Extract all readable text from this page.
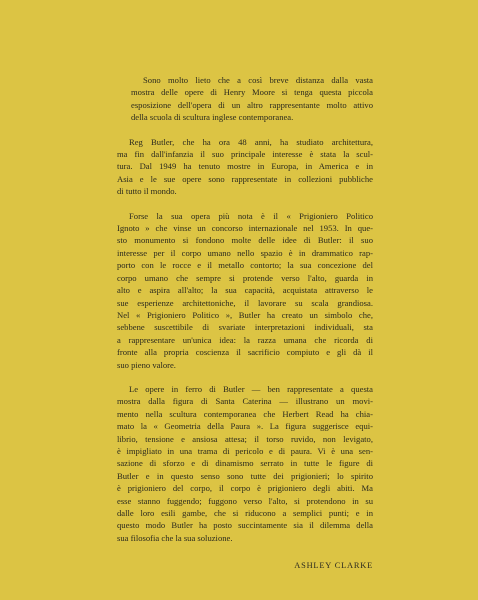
Sono molto lieto che a così breve distanza dalla vasta
mostra delle opere di Henry Moore si tenga questa piccola
esposizione dell'opera di un altro rappresentante molto attivo
della scuola di scultura inglese contemporanea.
Reg Butler, che ha ora 48 anni, ha studiato architettura,
ma fin dall'infanzia il suo principale interesse è stata la scul-
tura. Dal 1949 ha tenuto mostre in Europa, in America e in
Asia e le sue opere sono rappresentate in collezioni pubbliche
di tutto il mondo.
Forse la sua opera più nota è il « Prigioniero Politico
Ignoto » che vinse un concorso internazionale nel 1953. In que-
sto monumento si fondono molte delle idee di Butler: il suo
interesse per il corpo umano nello spazio è in drammatico rap-
porto con le rocce e il metallo contorto; la sua concezione del
corpo umano che sempre si protende verso l'alto, guarda in
alto e aspira all'alto; la sua capacità, acquistata attraverso le
sue esperienze architettoniche, il lavorare su scala grandiosa.
Nel « Prigioniero Politico », Butler ha creato un simbolo che,
sebbene suscettibile di svariate interpretazioni individuali, sta
a rappresentare un'unica idea: la razza umana che ricorda di
fronte alla propria coscienza il sacrificio compiuto e gli dà il
suo pieno valore.
Le opere in ferro di Butler — ben rappresentate a questa
mostra dalla figura di Santa Caterina — illustrano un movi-
mento nella scultura contemporanea che Herbert Read ha chia-
mato la « Geometria della Paura ». La figura suggerisce equi-
librio, tensione e ansiosa attesa; il torso ruvido, non levigato,
è impigliato in una trama di pericolo e di paura. Vi è una sen-
sazione di sforzo e di dinamismo serrato in tutte le figure di
Butler e in questo senso sono tutte dei prigionieri; lo spirito
è prigioniero del corpo, il corpo è prigioniero degli abiti. Ma
esse stanno fuggendo; fuggono verso l'alto, si protendono in su
dalle loro esili gambe, che si riducono a semplici punti; e in
questo modo Butler ha posto succintamente sia il dilemma della
sua filosofia che la sua soluzione.
ASHLEY CLARKE
